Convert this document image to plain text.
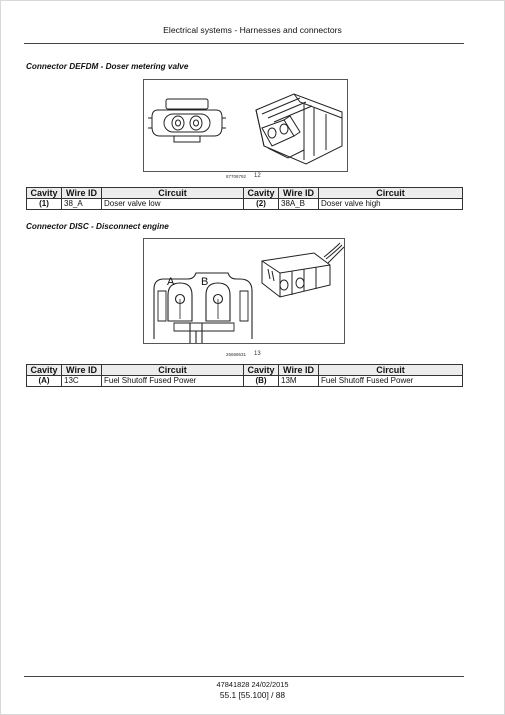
Electrical systems - Harnesses and connectors
Connector DEFDM - Doser metering valve
87708792 12
Cavity	Wire ID	Circuit	Cavity	Wire ID	Circuit
(1)	38_A	Doser valve low	(2)	38A_B	Doser valve high
Connector DISC - Disconnect engine
A B
26668631 13
Cavity	Wire ID	Circuit	Cavity	Wire ID	Circuit
(A)	13C	Fuel Shutoff Fused Power	(B)	13M	Fuel Shutoff Fused Power
47841828 24/02/2015
55.1 [55.100] / 88
